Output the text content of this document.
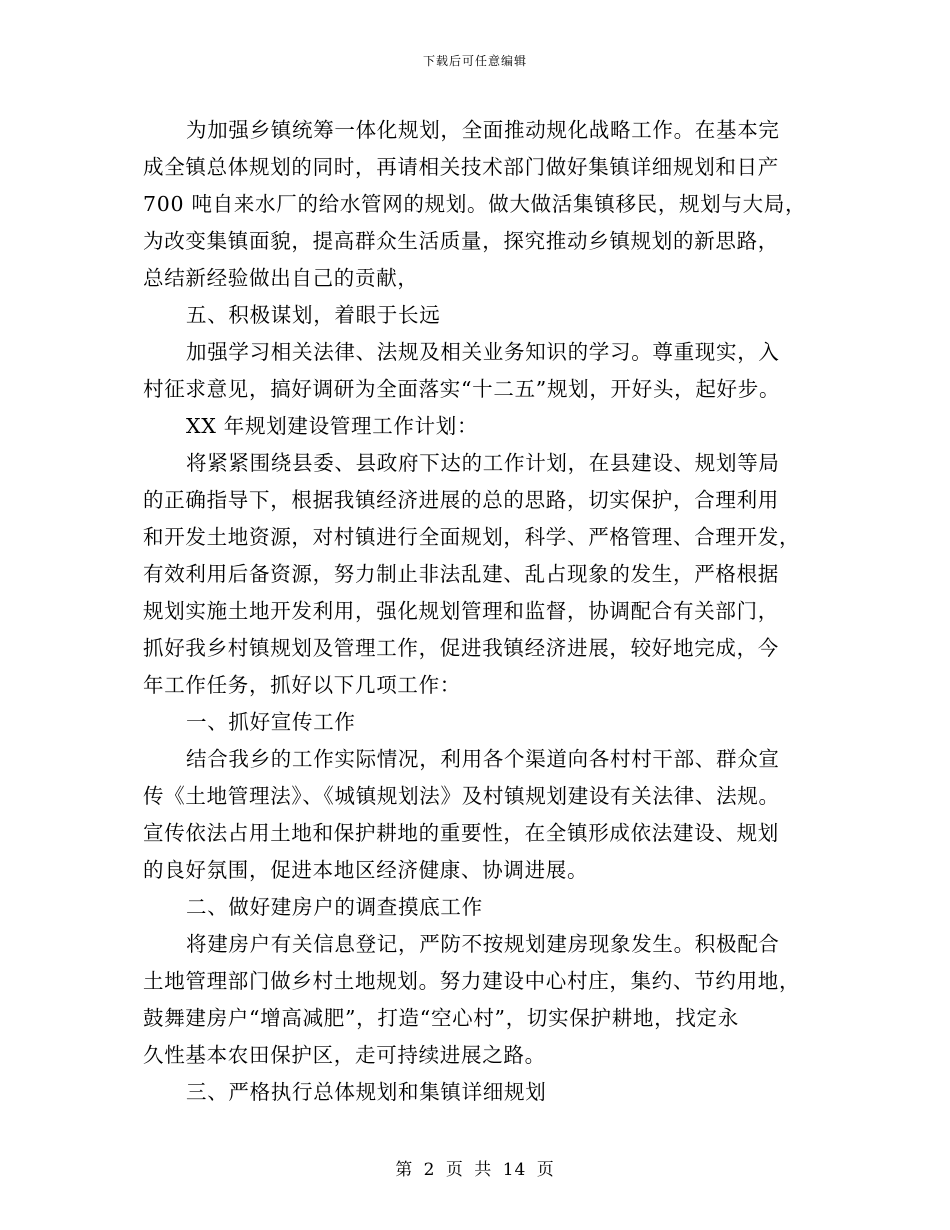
下载后可任意编辑
为加强乡镇统筹一体化规划，全面推动规化战略工作。在基本完
成全镇总体规划的同时，再请相关技术部门做好集镇详细规划和日产
700 吨自来水厂的给水管网的规划。做大做活集镇移民，规划与大局，
为改变集镇面貌，提高群众生活质量，探究推动乡镇规划的新思路，
总结新经验做出自己的贡献，
五、积极谋划，着眼于长远
加强学习相关法律、法规及相关业务知识的学习。尊重现实，入
村征求意见，搞好调研为全面落实“十二五”规划，开好头，起好步。
XX 年规划建设管理工作计划：
将紧紧围绕县委、县政府下达的工作计划，在县建设、规划等局
的正确指导下，根据我镇经济进展的总的思路，切实保护，合理利用
和开发土地资源，对村镇进行全面规划，科学、严格管理、合理开发，
有效利用后备资源，努力制止非法乱建、乱占现象的发生，严格根据
规划实施土地开发利用，强化规划管理和监督，协调配合有关部门，
抓好我乡村镇规划及管理工作，促进我镇经济进展，较好地完成，今
年工作任务，抓好以下几项工作：
一、抓好宣传工作
结合我乡的工作实际情况，利用各个渠道向各村村干部、群众宣
传《土地管理法》、《城镇规划法》及村镇规划建设有关法律、法规。
宣传依法占用土地和保护耕地的重要性，在全镇形成依法建设、规划
的良好氛围，促进本地区经济健康、协调进展。
二、做好建房户的调查摸底工作
将建房户有关信息登记，严防不按规划建房现象发生。积极配合
土地管理部门做乡村土地规划。努力建设中心村庄，集约、节约用地，
鼓舞建房户“增高减肥”，打造“空心村”，切实保护耕地，找定永
久性基本农田保护区，走可持续进展之路。
三、严格执行总体规划和集镇详细规划
第 2 页 共 14 页
